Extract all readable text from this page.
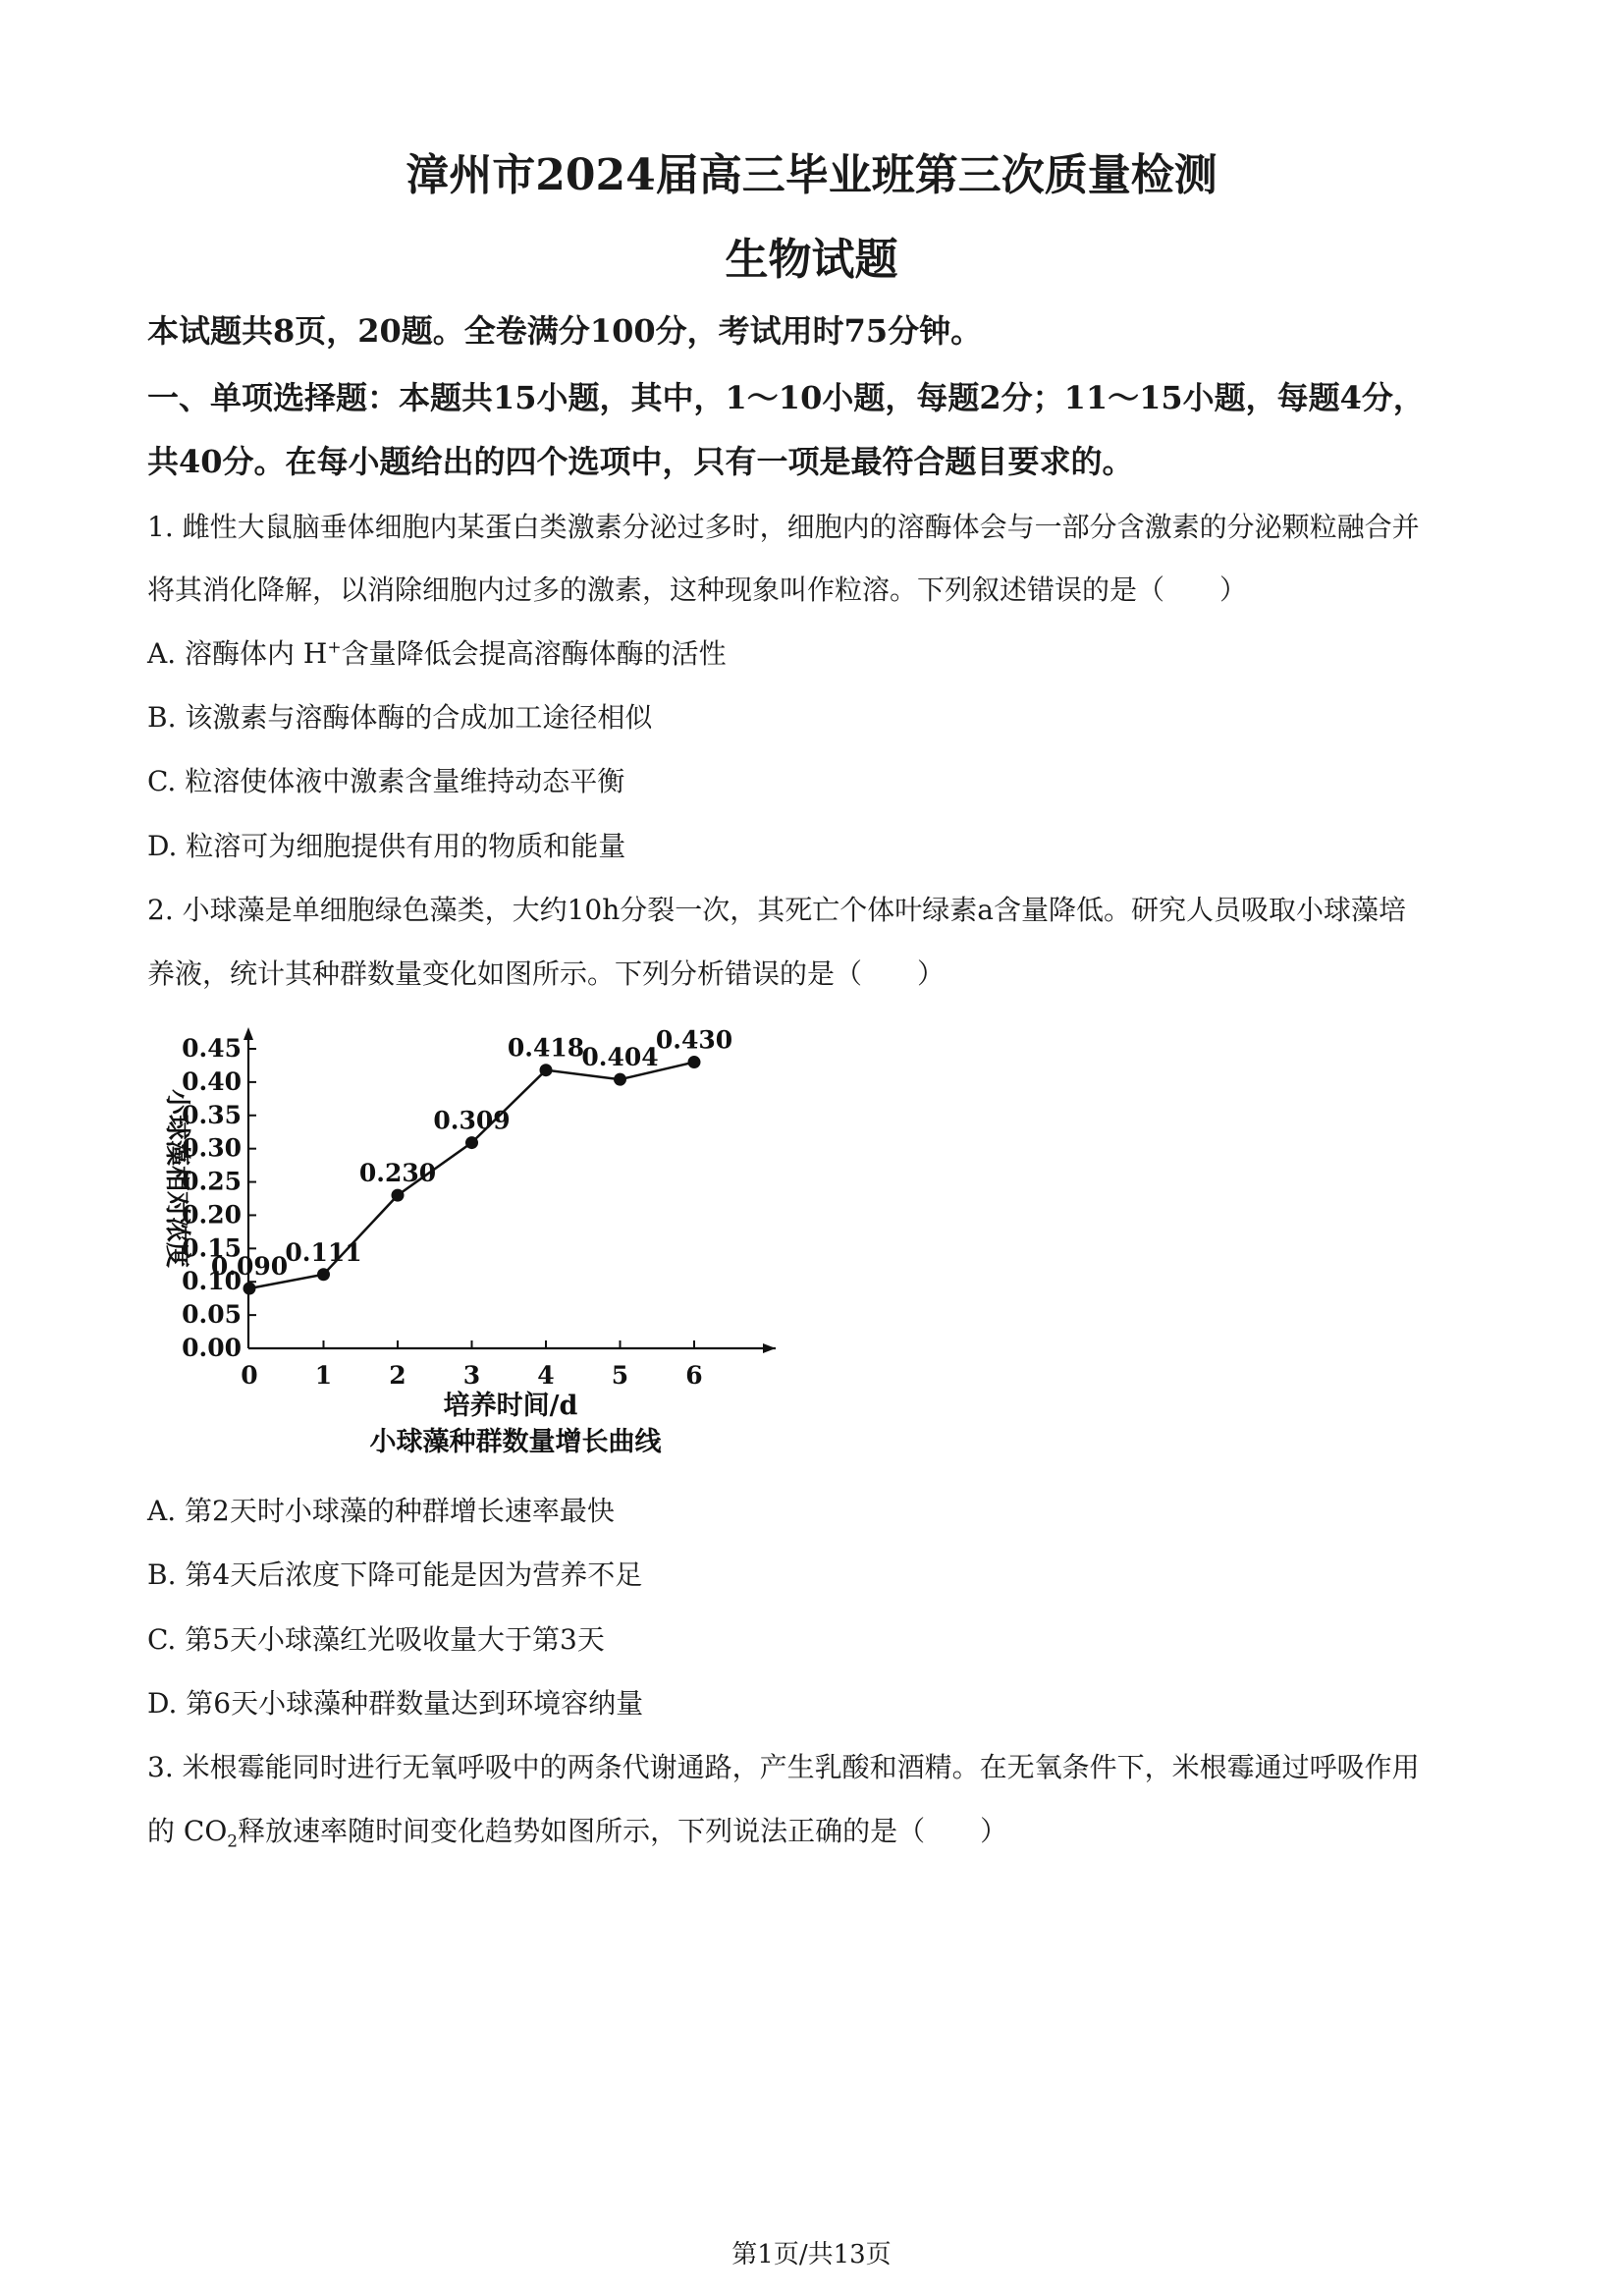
漳州市2024届高三毕业班第三次质量检测
生物试题
本试题共8页，20题。全卷满分100分，考试用时75分钟。
一、单项选择题：本题共15小题，其中，1～10小题，每题2分；11～15小题，每题4分，
共40分。在每小题给出的四个选项中，只有一项是最符合题目要求的。
1. 雌性大鼠脑垂体细胞内某蛋白类激素分泌过多时，细胞内的溶酶体会与一部分含激素的分泌颗粒融合并
将其消化降解，以消除细胞内过多的激素，这种现象叫作粒溶。下列叙述错误的是（　　）
A. 溶酶体内 H+含量降低会提高溶酶体酶的活性
B. 该激素与溶酶体酶的合成加工途径相似
C. 粒溶使体液中激素含量维持动态平衡
D. 粒溶可为细胞提供有用的物质和能量
2. 小球藻是单细胞绿色藻类，大约10h分裂一次，其死亡个体叶绿素a含量降低。研究人员吸取小球藻培
养液，统计其种群数量变化如图所示。下列分析错误的是（　　）
0.00
0.05
0.10
0.15
0.20
0.25
0.30
0.35
0.40
0.45
0 1 2 3 4 5 6
0.090
0.111
0.230
0.309
0.418
0.404
0.430
小球藻相对浓度
培养时间/d
小球藻种群数量增长曲线
A. 第2天时小球藻的种群增长速率最快
B. 第4天后浓度下降可能是因为营养不足
C. 第5天小球藻红光吸收量大于第3天
D. 第6天小球藻种群数量达到环境容纳量
3. 米根霉能同时进行无氧呼吸中的两条代谢通路，产生乳酸和酒精。在无氧条件下，米根霉通过呼吸作用
的 $CO_2$释放速率随时间变化趋势如图所示，下列说法正确的是（　　）
第1页/共13页
